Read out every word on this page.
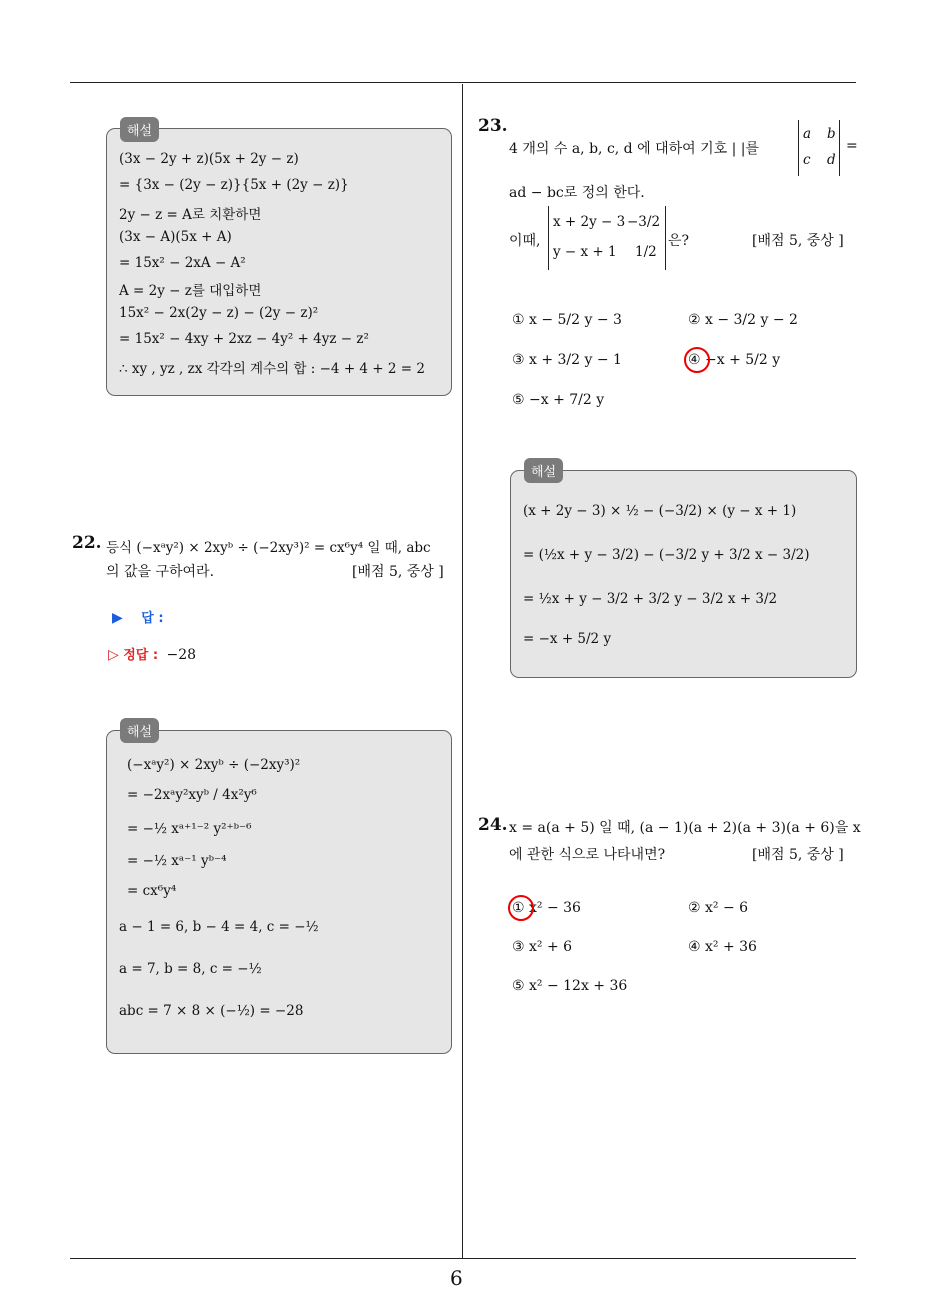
(3x − 2y + z)(5x + 2y − z)
= {3x − (2y − z)}{5x + (2y − z)}
2y − z = A로 치환하면
(3x − A)(5x + A)
= 15x² − 2xA − A²
A = 2y − z를 대입하면
15x² − 2x(2y − z) − (2y − z)²
= 15x² − 4xy + 2xz − 4y² + 4yz − z²
∴ xy , yz , zx 각각의 계수의 합 : −4 + 4 + 2 = 2
해설
22. 등식 (−xᵃy²) × 2xyᵇ ÷ (−2xy³)² = cx⁶y⁴ 일 때, abc
의 값을 구하여라.	[배점 5, 중상 ]
▶ 답 :
▷ 정답 : −28
(−xᵃy²) × 2xyᵇ ÷ (−2xy³)²
= −2xᵃy²xyᵇ / 4x²y⁶
= −½ xᵃ⁺¹⁻² y²⁺ᵇ⁻⁶
= −½ xᵃ⁻¹ yᵇ⁻⁴
= cx⁶y⁴
a − 1 = 6, b − 4 = 4, c = −½
a = 7, b = 8, c = −½
abc = 7 × 8 × (−½) = −28
해설
23.
4 개의 수 a, b, c, d 에 대하여 기호 | |를
a b
c d
=
ad − bc로 정의 한다.
이때,
x + 2y − 3 −3/2
y − x + 1 1/2
은?	[배점 5, 중상 ]
① x − 5/2 y − 3	② x − 3/2 y − 2
③ x + 3/2 y − 1	④ −x + 5/2 y
⑤ −x + 7/2 y
(x + 2y − 3) × ½ − (−3/2) × (y − x + 1)
= (½x + y − 3/2) − (−3/2 y + 3/2 x − 3/2)
= ½x + y − 3/2 + 3/2 y − 3/2 x + 3/2
= −x + 5/2 y
해설
24. x = a(a + 5) 일 때, (a − 1)(a + 2)(a + 3)(a + 6)을 x
에 관한 식으로 나타내면?	[배점 5, 중상 ]
① x² − 36	② x² − 6
③ x² + 6	④ x² + 36
⑤ x² − 12x + 36
6
